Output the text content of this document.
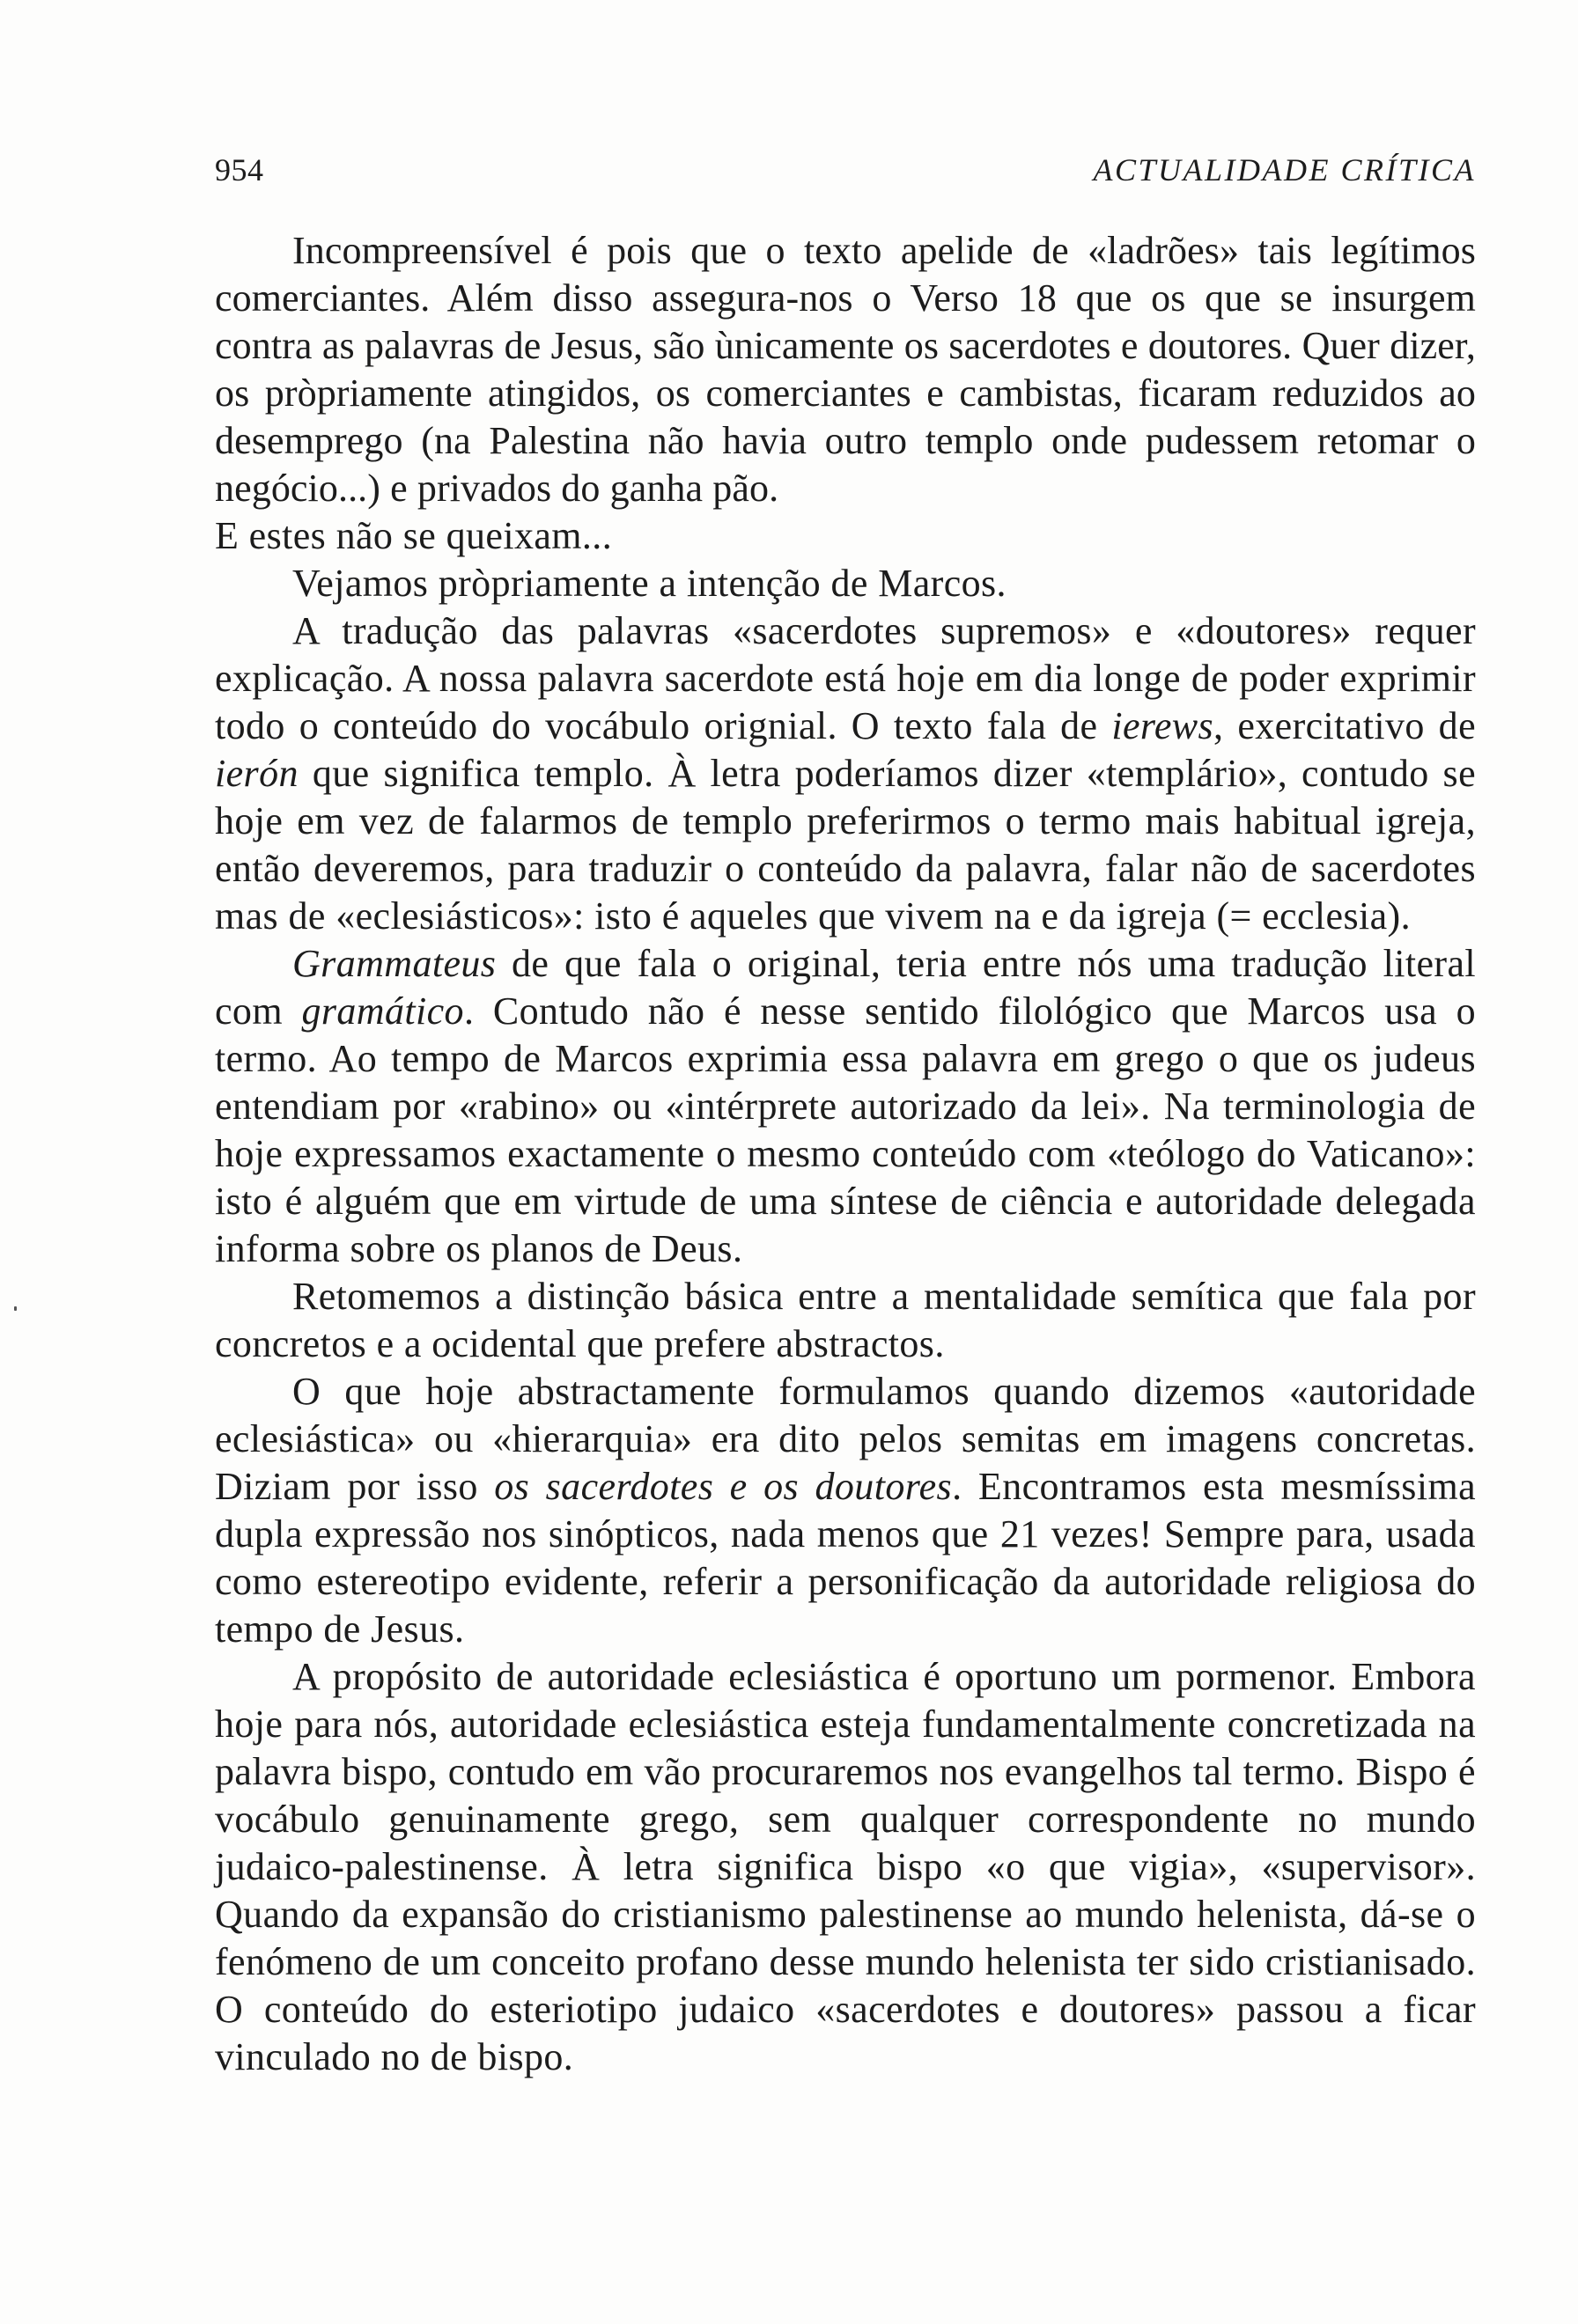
954	ACTUALIDADE CRÍTICA

Incompreensível é pois que o texto apelide de «ladrões» tais legítimos comerciantes. Além disso assegura-nos o Verso 18 que os que se insurgem contra as palavras de Jesus, são ùnicamente os sacerdotes e doutores. Quer dizer, os pròpriamente atingidos, os comerciantes e cambistas, ficaram reduzidos ao desemprego (na Palestina não havia outro templo onde pudessem retomar o negócio...) e privados do ganha pão.

E estes não se queixam...

Vejamos pròpriamente a intenção de Marcos.

A tradução das palavras «sacerdotes supremos» e «doutores» requer explicação. A nossa palavra sacerdote está hoje em dia longe de poder exprimir todo o conteúdo do vocábulo orignial. O texto fala de ierews, exercitativo de ierón que significa templo. À letra poderíamos dizer «templário», contudo se hoje em vez de falarmos de templo preferirmos o termo mais habitual igreja, então deveremos, para traduzir o conteúdo da palavra, falar não de sacerdotes mas de «eclesiásticos»: isto é aqueles que vivem na e da igreja (= ecclesia).

Grammateus de que fala o original, teria entre nós uma tradução literal com gramático. Contudo não é nesse sentido filológico que Marcos usa o termo. Ao tempo de Marcos exprimia essa palavra em grego o que os judeus entendiam por «rabino» ou «intérprete autorizado da lei». Na terminologia de hoje expressamos exactamente o mesmo conteúdo com «teólogo do Vaticano»: isto é alguém que em virtude de uma síntese de ciência e autoridade delegada informa sobre os planos de Deus.

Retomemos a distinção básica entre a mentalidade semítica que fala por concretos e a ocidental que prefere abstractos.

O que hoje abstractamente formulamos quando dizemos «autoridade eclesiástica» ou «hierarquia» era dito pelos semitas em imagens concretas. Diziam por isso os sacerdotes e os doutores. Encontramos esta mesmíssima dupla expressão nos sinópticos, nada menos que 21 vezes! Sempre para, usada como estereotipo evidente, referir a personificação da autoridade religiosa do tempo de Jesus.

A propósito de autoridade eclesiástica é oportuno um pormenor. Embora hoje para nós, autoridade eclesiástica esteja fundamentalmente concretizada na palavra bispo, contudo em vão procuraremos nos evangelhos tal termo. Bispo é vocábulo genuinamente grego, sem qualquer correspondente no mundo judaico-palestinense. À letra significa bispo «o que vigia», «supervisor». Quando da expansão do cristianismo palestinense ao mundo helenista, dá-se o fenómeno de um conceito profano desse mundo helenista ter sido cristianisado. O conteúdo do esteriotipo judaico «sacerdotes e doutores» passou a ficar vinculado no de bispo.
